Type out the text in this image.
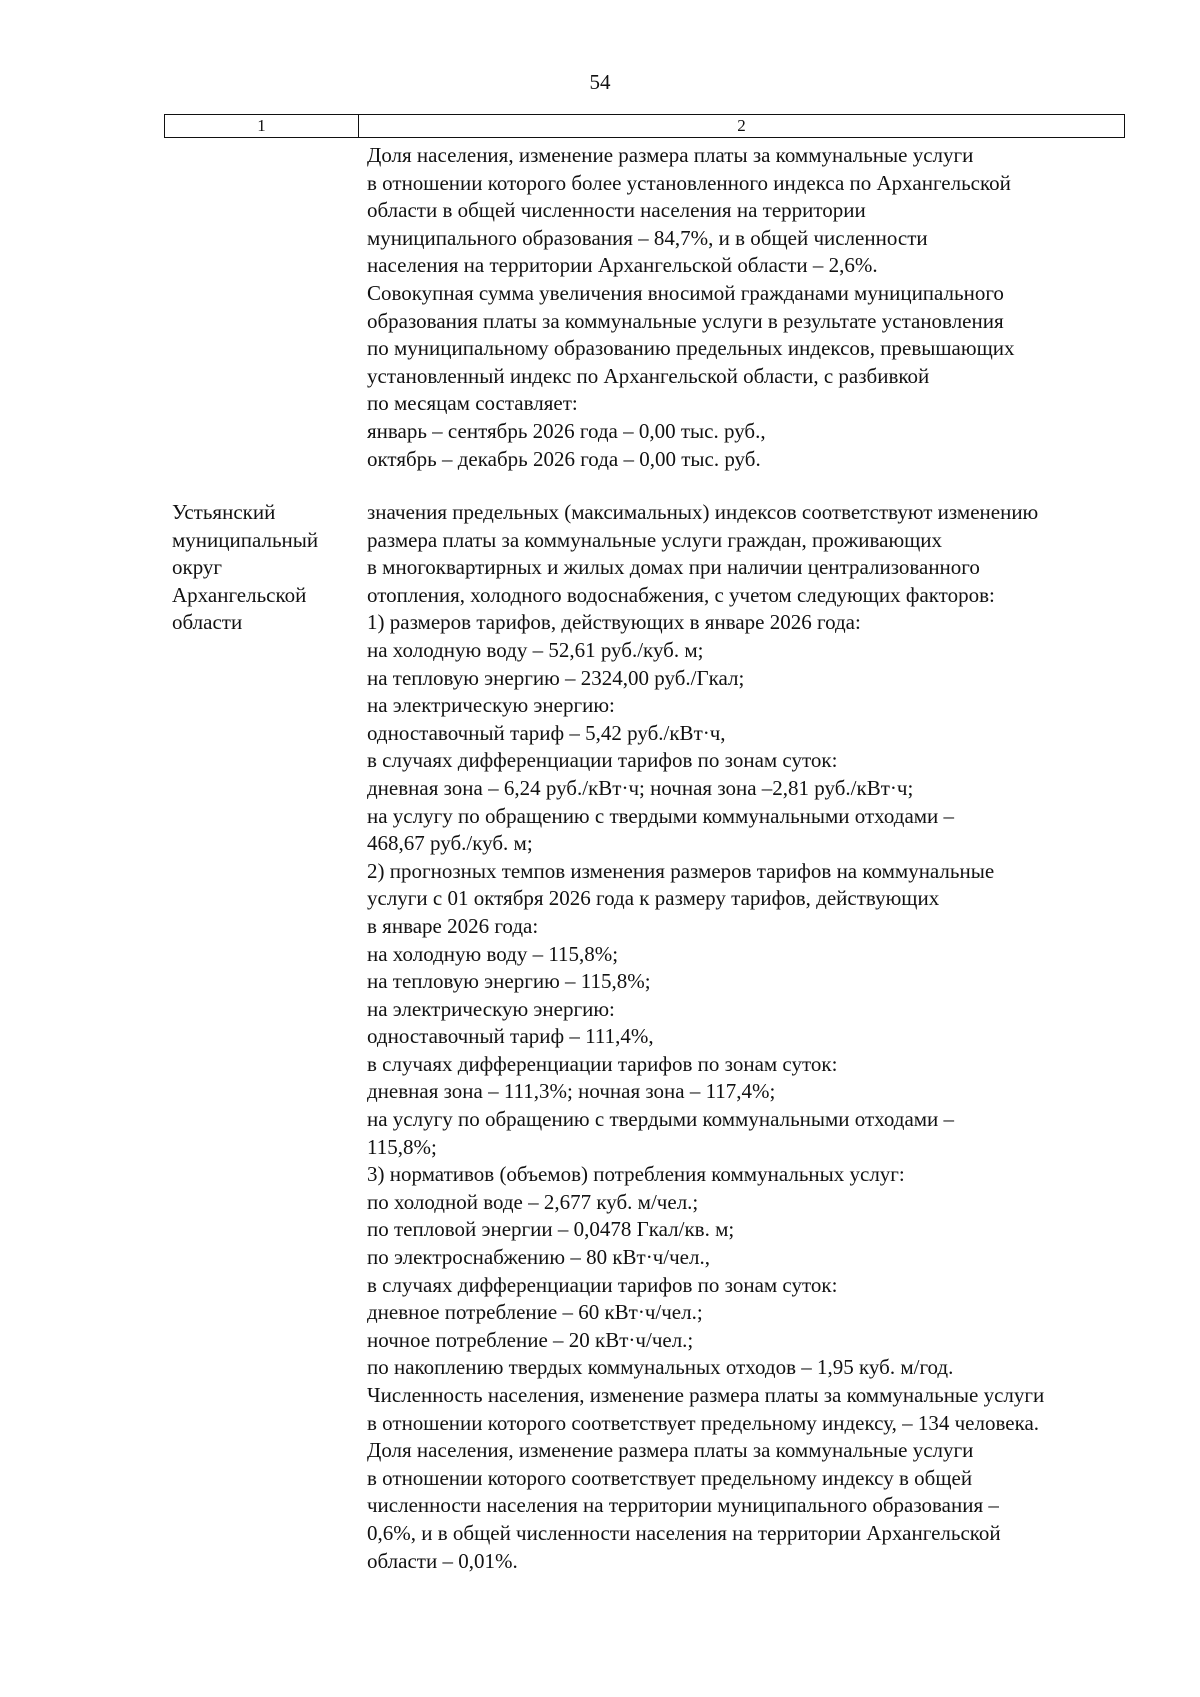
54
1	2
Доля населения, изменение размера платы за коммунальные услуги
в отношении которого более установленного индекса по Архангельской
области в общей численности населения на территории
муниципального образования – 84,7%, и в общей численности
населения на территории Архангельской области – 2,6%.
Совокупная сумма увеличения вносимой гражданами муниципального
образования платы за коммунальные услуги в результате установления
по муниципальному образованию предельных индексов, превышающих
установленный индекс по Архангельской области, с разбивкой
по месяцам составляет:
январь – сентябрь 2026 года – 0,00 тыс. руб.,
октябрь – декабрь 2026 года – 0,00 тыс. руб.
Устьянский
муниципальный
округ
Архангельской
области
значения предельных (максимальных) индексов соответствуют изменению
размера платы за коммунальные услуги граждан, проживающих
в многоквартирных и жилых домах при наличии централизованного
отопления, холодного водоснабжения, с учетом следующих факторов:
1) размеров тарифов, действующих в январе 2026 года:
на холодную воду – 52,61 руб./куб. м;
на тепловую энергию – 2324,00 руб./Гкал;
на электрическую энергию:
одноставочный тариф – 5,42 руб./кВт·ч,
в случаях дифференциации тарифов по зонам суток:
дневная зона – 6,24 руб./кВт·ч; ночная зона –2,81 руб./кВт·ч;
на услугу по обращению с твердыми коммунальными отходами –
468,67 руб./куб. м;
2) прогнозных темпов изменения размеров тарифов на коммунальные
услуги с 01 октября 2026 года к размеру тарифов, действующих
в январе 2026 года:
на холодную воду – 115,8%;
на тепловую энергию – 115,8%;
на электрическую энергию:
одноставочный тариф – 111,4%,
в случаях дифференциации тарифов по зонам суток:
дневная зона – 111,3%; ночная зона – 117,4%;
на услугу по обращению с твердыми коммунальными отходами –
115,8%;
3) нормативов (объемов) потребления коммунальных услуг:
по холодной воде – 2,677 куб. м/чел.;
по тепловой энергии – 0,0478 Гкал/кв. м;
по электроснабжению – 80 кВт·ч/чел.,
в случаях дифференциации тарифов по зонам суток:
дневное потребление – 60 кВт·ч/чел.;
ночное потребление – 20 кВт·ч/чел.;
по накоплению твердых коммунальных отходов – 1,95 куб. м/год.
Численность населения, изменение размера платы за коммунальные услуги
в отношении которого соответствует предельному индексу, – 134 человека.
Доля населения, изменение размера платы за коммунальные услуги
в отношении которого соответствует предельному индексу в общей
численности населения на территории муниципального образования –
0,6%, и в общей численности населения на территории Архангельской
области – 0,01%.
